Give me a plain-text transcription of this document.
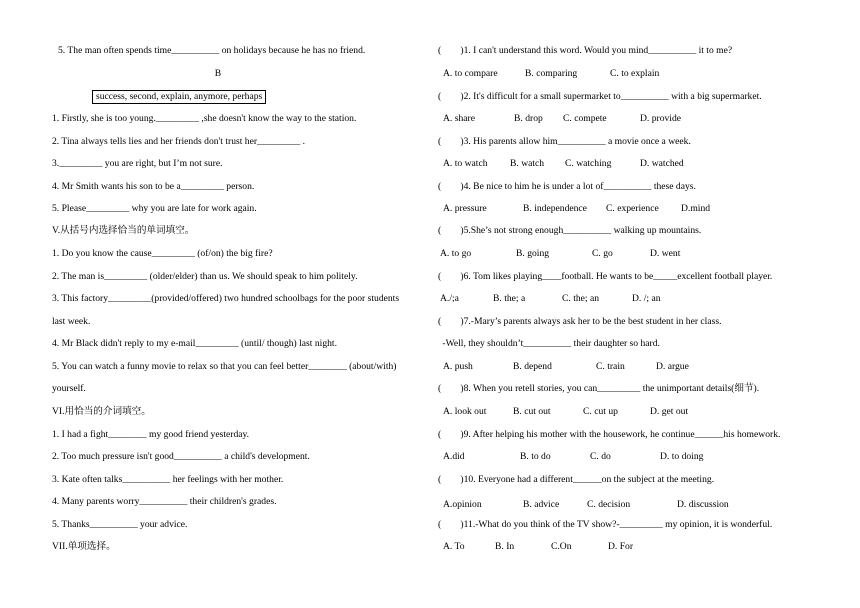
5. The man often spends time__________ on holidays because he has no friend.
B
success, second, explain, anymore, perhaps
1. Firstly, she is too young._________ ,she doesn't know the way to the station.
2. Tina always tells lies and her friends don't trust her_________ .
3._________ you are right, but I’m not sure.
4. Mr Smith wants his son to be a_________ person.
5. Please_________ why you are late for work again.
V.从括号内选择恰当的单词填空。
1. Do you know the cause_________ (of/on) the big fire?
2. The man is_________ (older/elder) than us. We should speak to him politely.
3. This factory_________(provided/offered) two hundred schoolbags for the poor students
last week.
4. Mr Black didn't reply to my e-mail_________ (until/ though) last night.
5. You can watch a funny movie to relax so that you can feel better________ (about/with)
yourself.
VI.用恰当的介词填空。
1. I had a fight________ my good friend yesterday.
2. Too much pressure isn't good__________ a child's development.
3. Kate often talks__________ her feelings with her mother.
4. Many parents worry__________ their children's grades.
5. Thanks__________ your advice.
VII.单项选择。
(        )1. I can't understand this word. Would you mind__________ it to me?
A. to compare	B. comparing	C. to explain
(        )2. It's difficult for a small supermarket to__________ with a big supermarket.
A. share	B. drop C. compete	D. provide
(        )3. His parents allow him__________ a movie once a week.
A. to watch B. watch C. watching	D. watched
(        )4. Be nice to him he is under a lot of__________ these days.
A. pressure	B. independence C. experience D.mind
(        )5.She’s not strong enough__________ walking up mountains.
A. to go	B. going	C. go	D. went
(        )6. Tom likes playing____football. He wants to be_____excellent football player.
A./;a	B. the; a	C. the; an	D. /; an
(        )7.-Mary’s parents always ask her to be the best student in her class.
-Well, they shouldn’t__________ their daughter so hard.
A. push	B. depend	C. train	D. argue
(        )8. When you retell stories, you can_________ the unimportant details(细节).
A. look out	B. cut out	C. cut up	D. get out
(        )9. After helping his mother with the housework, he continue______his homework.
A.did	B. to do	C. do	D. to doing
(        )10. Everyone had a different______on the subject at the meeting.
A.opinion	B. advice	C. decision	D. discussion
(        )11.-What do you think of the TV show?-_________ my opinion, it is wonderful.
A. To	B. In	C.On	D. For
